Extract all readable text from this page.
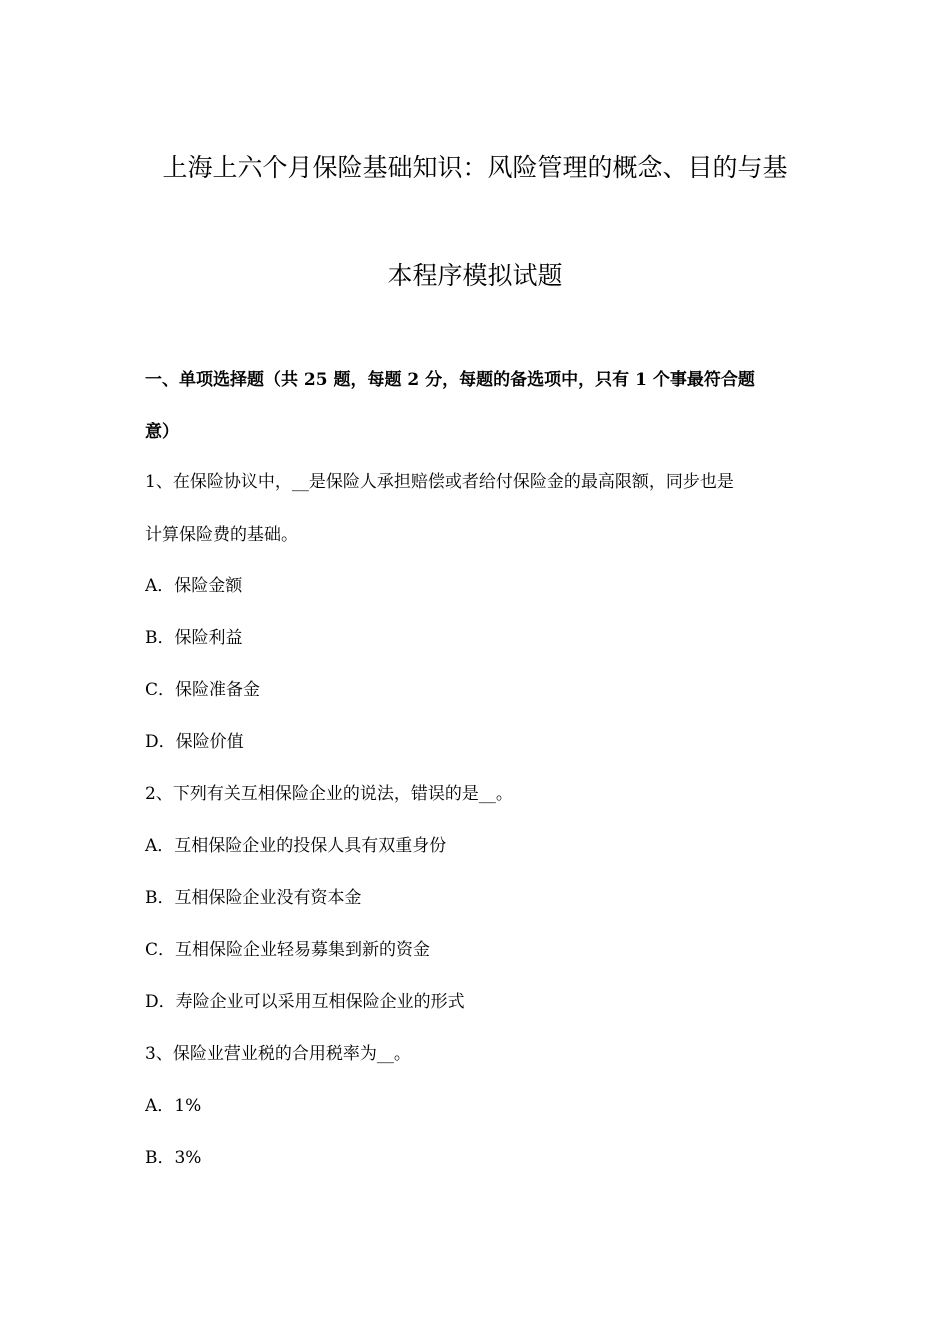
上海上六个月保险基础知识：风险管理的概念、目的与基
本程序模拟试题
一、单项选择题（共 25 题，每题 2 分，每题的备选项中，只有 1 个事最符合题
意）
1、在保险协议中，__是保险人承担赔偿或者给付保险金的最高限额，同步也是
计算保险费的基础。
A．保险金额
B．保险利益
C．保险准备金
D．保险价值
2、下列有关互相保险企业的说法，错误的是__。
A．互相保险企业的投保人具有双重身份
B．互相保险企业没有资本金
C．互相保险企业轻易募集到新的资金
D．寿险企业可以采用互相保险企业的形式
3、保险业营业税的合用税率为__。
A．1%
B．3%
